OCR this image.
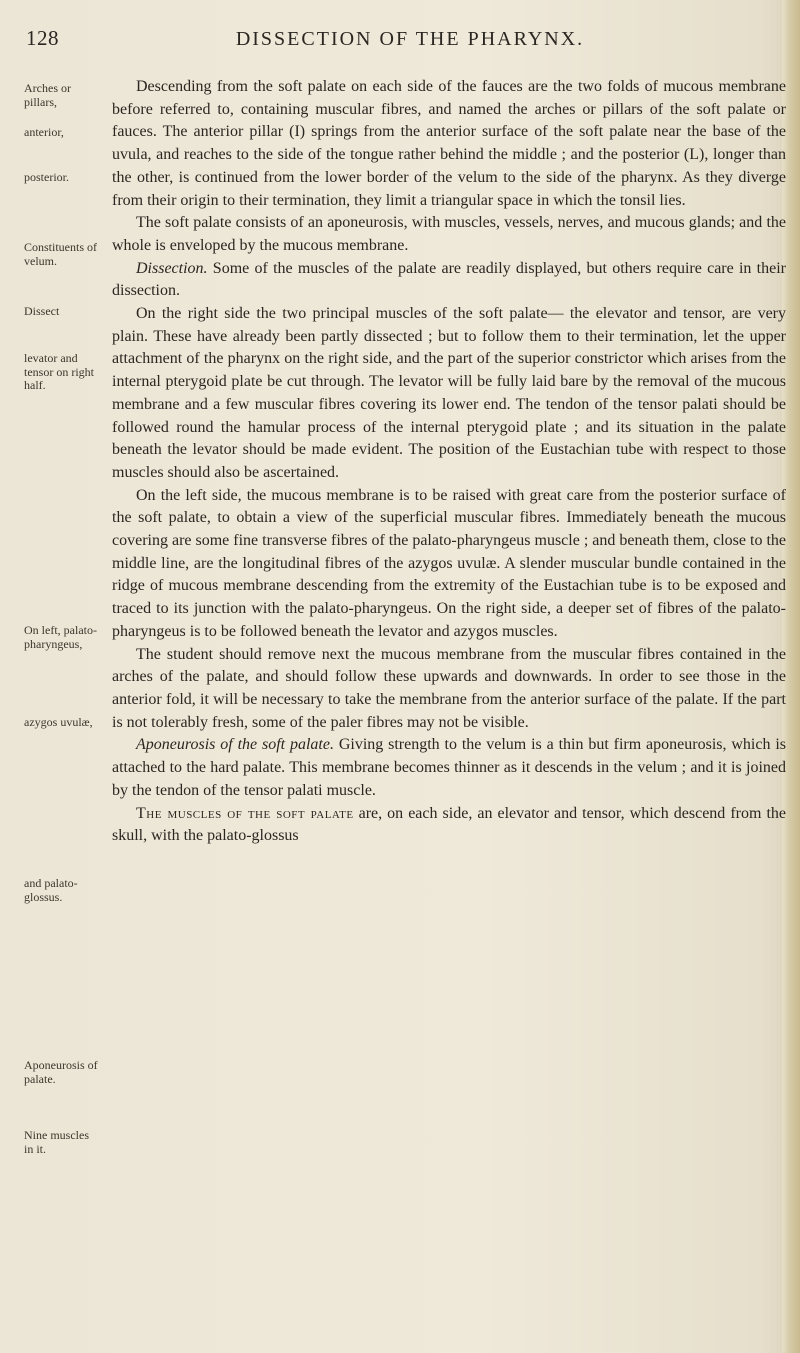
128	DISSECTION OF THE PHARYNX.
Arches or pillars,
anterior,
posterior.
Constituents of velum.
Dissect
levator and tensor on right half.
On left, palato-pharyngeus,
azygos uvulæ,
and palato-glossus.
Aponeurosis of palate.
Nine muscles in it.

Descending from the soft palate on each side of the fauces are the two folds of mucous membrane before referred to, containing muscular fibres, and named the arches or pillars of the soft palate or fauces. The anterior pillar (I) springs from the anterior surface of the soft palate near the base of the uvula, and reaches to the side of the tongue rather behind the middle ; and the posterior (L), longer than the other, is continued from the lower border of the velum to the side of the pharynx. As they diverge from their origin to their termination, they limit a triangular space in which the tonsil lies.

The soft palate consists of an aponeurosis, with muscles, vessels, nerves, and mucous glands; and the whole is enveloped by the mucous membrane.

Dissection. Some of the muscles of the palate are readily displayed, but others require care in their dissection.

On the right side the two principal muscles of the soft palate— the elevator and tensor, are very plain. These have already been partly dissected ; but to follow them to their termination, let the upper attachment of the pharynx on the right side, and the part of the superior constrictor which arises from the internal pterygoid plate be cut through. The levator will be fully laid bare by the removal of the mucous membrane and a few muscular fibres covering its lower end. The tendon of the tensor palati should be followed round the hamular process of the internal pterygoid plate ; and its situation in the palate beneath the levator should be made evident. The position of the Eustachian tube with respect to those muscles should also be ascertained.

On the left side, the mucous membrane is to be raised with great care from the posterior surface of the soft palate, to obtain a view of the superficial muscular fibres. Immediately beneath the mucous covering are some fine transverse fibres of the palato-pharyngeus muscle ; and beneath them, close to the middle line, are the longitudinal fibres of the azygos uvulæ. A slender muscular bundle contained in the ridge of mucous membrane descending from the extremity of the Eustachian tube is to be exposed and traced to its junction with the palato-pharyngeus. On the right side, a deeper set of fibres of the palato-pharyngeus is to be followed beneath the levator and azygos muscles.

The student should remove next the mucous membrane from the muscular fibres contained in the arches of the palate, and should follow these upwards and downwards. In order to see those in the anterior fold, it will be necessary to take the membrane from the anterior surface of the palate. If the part is not tolerably fresh, some of the paler fibres may not be visible.

Aponeurosis of the soft palate. Giving strength to the velum is a thin but firm aponeurosis, which is attached to the hard palate. This membrane becomes thinner as it descends in the velum ; and it is joined by the tendon of the tensor palati muscle.

The muscles of the soft palate are, on each side, an elevator and tensor, which descend from the skull, with the palato-glossus
